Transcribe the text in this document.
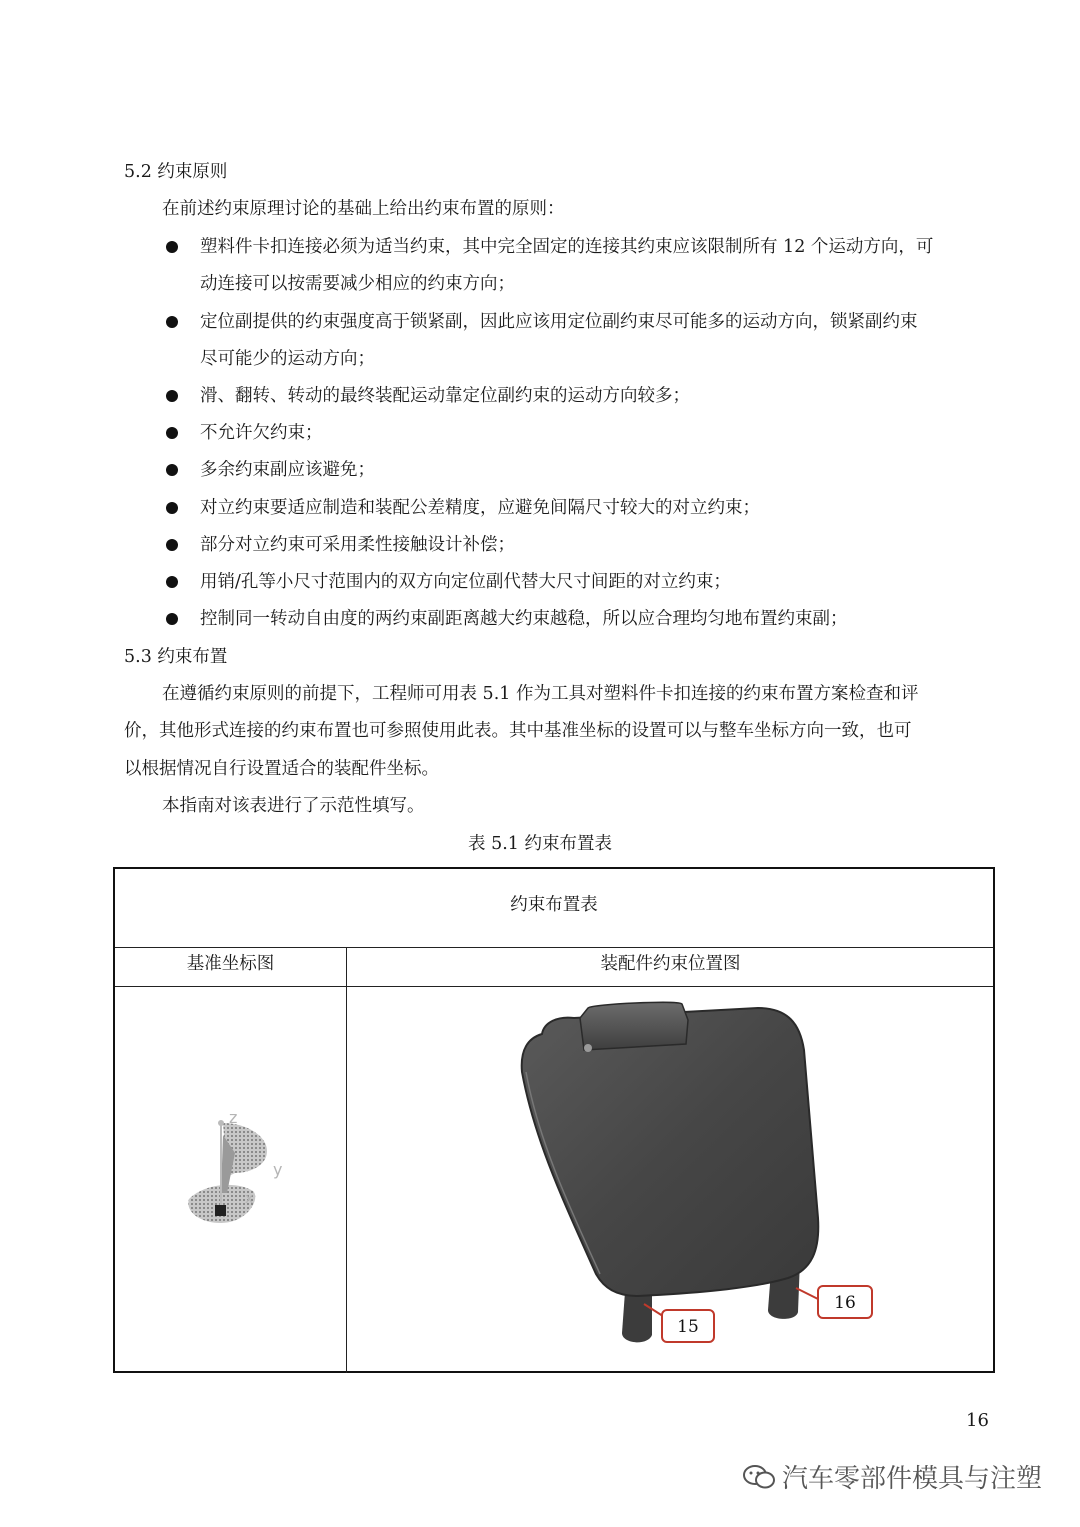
5.2 约束原则
在前述约束原理讨论的基础上给出约束布置的原则：
塑料件卡扣连接必须为适当约束，其中完全固定的连接其约束应该限制所有 12 个运动方向，可
动连接可以按需要减少相应的约束方向；
定位副提供的约束强度高于锁紧副，因此应该用定位副约束尽可能多的运动方向，锁紧副约束
尽可能少的运动方向；
滑、翻转、转动的最终装配运动靠定位副约束的运动方向较多；
不允许欠约束；
多余约束副应该避免；
对立约束要适应制造和装配公差精度，应避免间隔尺寸较大的对立约束；
部分对立约束可采用柔性接触设计补偿；
用销/孔等小尺寸范围内的双方向定位副代替大尺寸间距的对立约束；
控制同一转动自由度的两约束副距离越大约束越稳，所以应合理均匀地布置约束副；
5.3 约束布置
在遵循约束原则的前提下，工程师可用表 5.1 作为工具对塑料件卡扣连接的约束布置方案检查和评
价，其他形式连接的约束布置也可参照使用此表。其中基准坐标的设置可以与整车坐标方向一致，也可
以根据情况自行设置适合的装配件坐标。
本指南对该表进行了示范性填写。
表 5.1 约束布置表
约束布置表
基准坐标图	装配件约束位置图
z
y
x
15
16
16
汽车零部件模具与注塑
